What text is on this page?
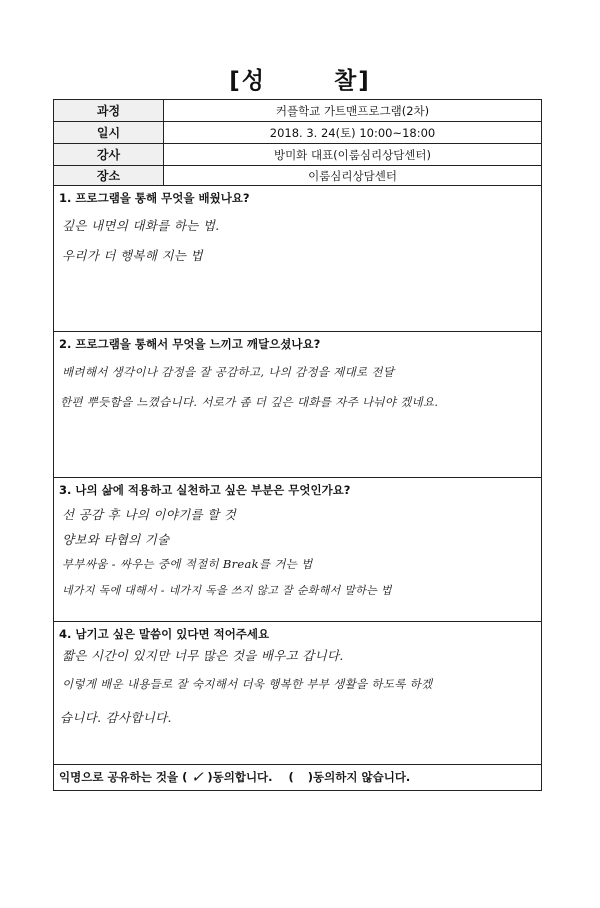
[성	찰]
과정	커플학교 가트맨프로그램(2차)
일시	2018. 3. 24(토) 10:00~18:00
강사	방미화 대표(이룸심리상담센터)
장소	이룸심리상담센터
1. 프로그램을 통해 무엇을 배웠나요?
깊은 내면의 대화를 하는 법.
우리가 더 행복해 지는 법
2. 프로그램을 통해서 무엇을 느끼고 깨달으셨나요?
배려해서 생각이나 감정을 잘 공감하고, 나의 감정을 제대로 전달
한편 뿌듯함을 느꼈습니다. 서로가 좀 더 깊은 대화를 자주 나눠야 겠네요.
3. 나의 삶에 적용하고 실천하고 싶은 부분은 무엇인가요?
선 공감 후 나의 이야기를 할 것
양보와 타협의 기술
부부싸움 - 싸우는 중에 적절히 Break를 거는 법
네가지 독에 대해서 - 네가지 독을 쓰지 않고 잘 순화해서 말하는 법
4. 남기고 싶은 말씀이 있다면 적어주세요
짧은 시간이 있지만 너무 많은 것을 배우고 갑니다.
이렇게 배운 내용들로 잘 숙지해서 더욱 행복한 부부 생활을 하도록 하겠
습니다. 감사합니다.
익명으로 공유하는 것을 ( ✓ )동의합니다. ( )동의하지 않습니다.
